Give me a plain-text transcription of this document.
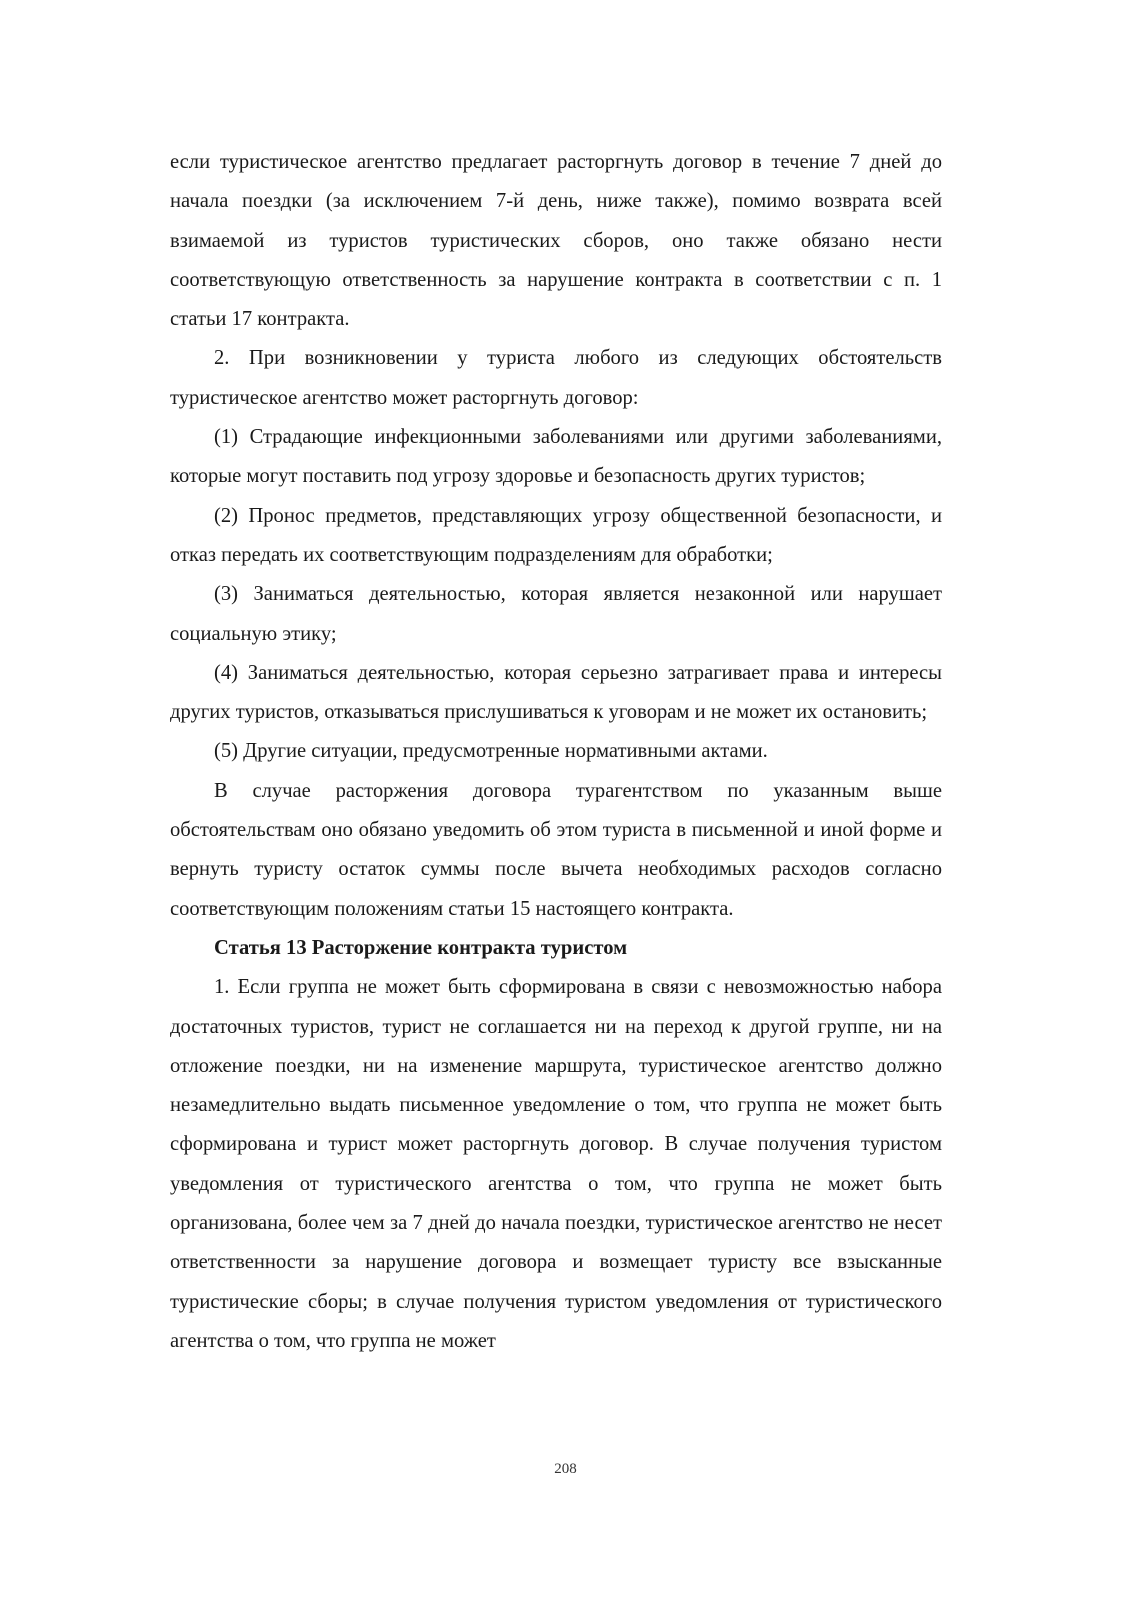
если туристическое агентство предлагает расторгнуть договор в течение 7 дней до начала поездки (за исключением 7-й день, ниже также), помимо возврата всей взимаемой из туристов туристических сборов, оно также обязано нести соответствующую ответственность за нарушение контракта в соответствии с п. 1 статьи 17 контракта.

2. При возникновении у туриста любого из следующих обстоятельств туристическое агентство может расторгнуть договор:

(1) Страдающие инфекционными заболеваниями или другими заболеваниями, которые могут поставить под угрозу здоровье и безопасность других туристов;

(2) Пронос предметов, представляющих угрозу общественной безопасности, и отказ передать их соответствующим подразделениям для обработки;

(3) Заниматься деятельностью, которая является незаконной или нарушает социальную этику;

(4) Заниматься деятельностью, которая серьезно затрагивает права и интересы других туристов, отказываться прислушиваться к уговорам и не может их остановить;

(5) Другие ситуации, предусмотренные нормативными актами.

В случае расторжения договора турагентством по указанным выше обстоятельствам оно обязано уведомить об этом туриста в письменной и иной форме и вернуть туристу остаток суммы после вычета необходимых расходов согласно соответствующим положениям статьи 15 настоящего контракта.

Статья 13 Расторжение контракта туристом

1. Если группа не может быть сформирована в связи с невозможностью набора достаточных туристов, турист не соглашается ни на переход к другой группе, ни на отложение поездки, ни на изменение маршрута, туристическое агентство должно незамедлительно выдать письменное уведомление о том, что группа не может быть сформирована и турист может расторгнуть договор. В случае получения туристом уведомления от туристического агентства о том, что группа не может быть организована, более чем за 7 дней до начала поездки, туристическое агентство не несет ответственности за нарушение договора и возмещает туристу все взысканные туристические сборы; в случае получения туристом уведомления от туристического агентства о том, что группа не может

208
